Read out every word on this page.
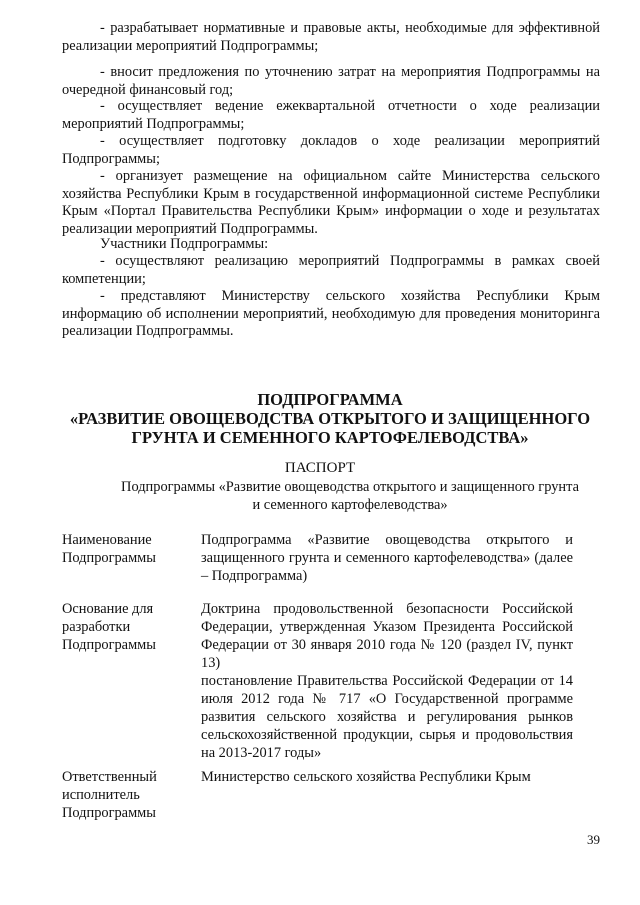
- разрабатывает нормативные и правовые акты, необходимые для эффективной реализации мероприятий Подпрограммы;

- вносит предложения по уточнению затрат на мероприятия Подпрограммы на очередной финансовый год;

- осуществляет ведение ежеквартальной отчетности о ходе реализации мероприятий Подпрограммы;

- осуществляет подготовку докладов о ходе реализации мероприятий Подпрограммы;

- организует размещение на официальном сайте Министерства сельского хозяйства Республики Крым в государственной информационной системе Республики Крым «Портал Правительства Республики Крым» информации о ходе и результатах реализации мероприятий Подпрограммы.

Участники Подпрограммы:

- осуществляют реализацию мероприятий Подпрограммы в рамках своей компетенции;

- представляют Министерству сельского хозяйства Республики Крым информацию об исполнении мероприятий, необходимую для проведения мониторинга реализации Подпрограммы.

ПОДПРОГРАММА

«РАЗВИТИЕ ОВОЩЕВОДСТВА ОТКРЫТОГО И ЗАЩИЩЕННОГО

ГРУНТА И СЕМЕННОГО КАРТОФЕЛЕВОДСТВА»

ПАСПОРТ

Подпрограммы «Развитие овощеводства открытого и защищенного грунта

и семенного картофелеводства»

Наименование Подпрограммы

Подпрограмма «Развитие овощеводства открытого и защищенного грунта и семенного картофелеводства» (далее – Подпрограмма)

Основание для разработки Подпрограммы

Доктрина продовольственной безопасности Российской Федерации, утвержденная Указом Президента Российской Федерации от 30 января 2010 года № 120 (раздел IV, пункт 13)

постановление Правительства Российской Федерации от 14 июля 2012 года № 717 «О Государственной программе развития сельского хозяйства и регулирования рынков сельскохозяйственной продукции, сырья и продовольствия на 2013-2017 годы»

Ответственный исполнитель Подпрограммы

Министерство сельского хозяйства Республики Крым

39
